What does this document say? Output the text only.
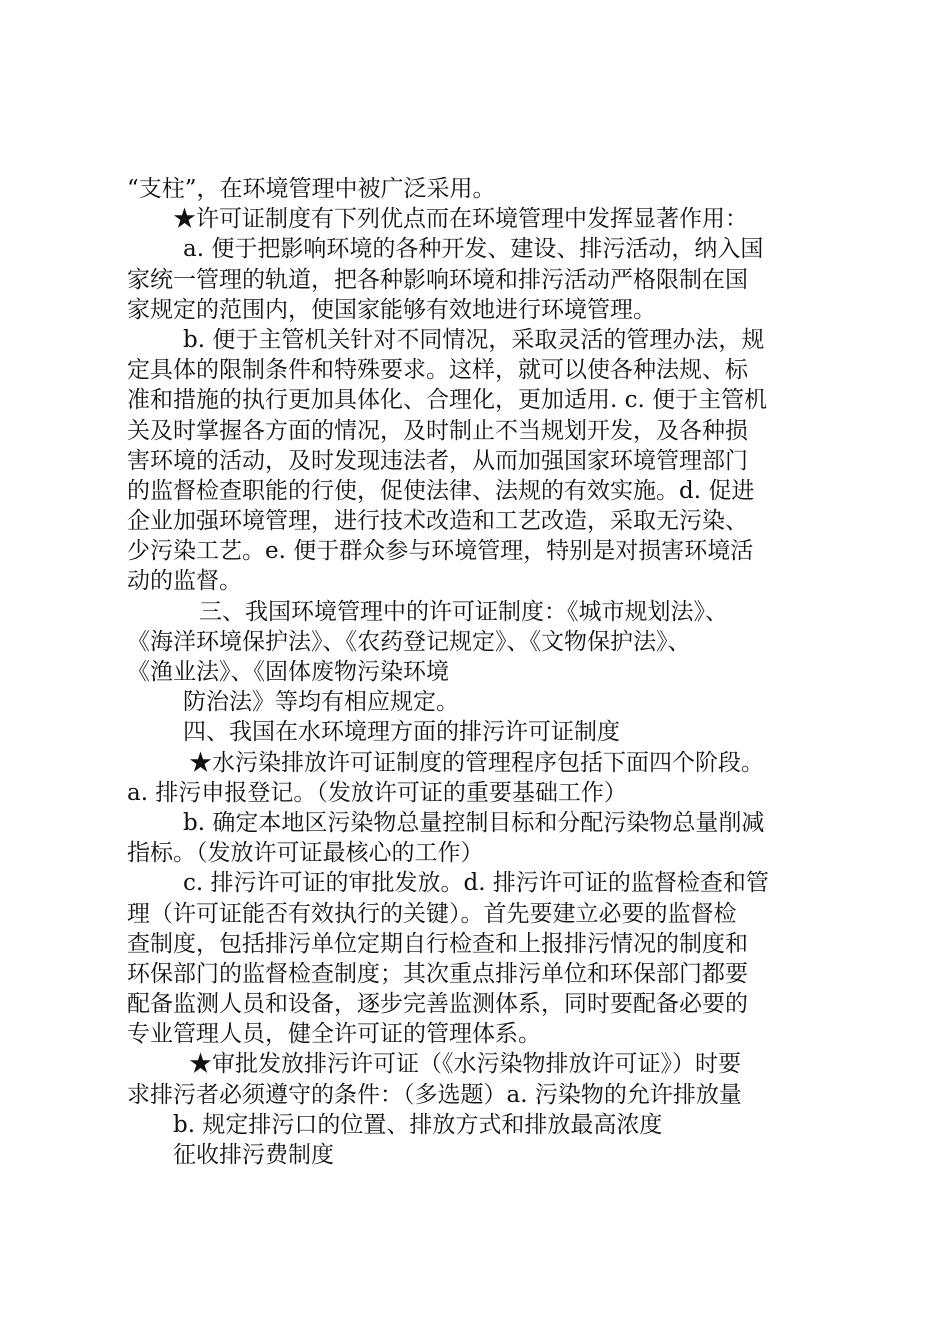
“支柱”，在环境管理中被广泛采用。
★许可证制度有下列优点而在环境管理中发挥显著作用：
a. 便于把影响环境的各种开发、建设、排污活动，纳入国
家统一管理的轨道，把各种影响环境和排污活动严格限制在国
家规定的范围内，使国家能够有效地进行环境管理。
b. 便于主管机关针对不同情况，采取灵活的管理办法，规
定具体的限制条件和特殊要求。这样，就可以使各种法规、标
准和措施的执行更加具体化、合理化，更加适用. c. 便于主管机
关及时掌握各方面的情况，及时制止不当规划开发，及各种损
害环境的活动，及时发现违法者，从而加强国家环境管理部门
的监督检查职能的行使，促使法律、法规的有效实施。d. 促进
企业加强环境管理，进行技术改造和工艺改造，采取无污染、
少污染工艺。e. 便于群众参与环境管理，特别是对损害环境活
动的监督。
三、我国环境管理中的许可证制度：《城市规划法》、
《海洋环境保护法》、《农药登记规定》、《文物保护法》、
《渔业法》、《固体废物污染环境
防治法》等均有相应规定。
四、我国在水环境理方面的排污许可证制度
★水污染排放许可证制度的管理程序包括下面四个阶段。
a. 排污申报登记。（发放许可证的重要基础工作）
b. 确定本地区污染物总量控制目标和分配污染物总量削减
指标。（发放许可证最核心的工作）
c. 排污许可证的审批发放。d. 排污许可证的监督检查和管
理（许可证能否有效执行的关键）。首先要建立必要的监督检
查制度，包括排污单位定期自行检查和上报排污情况的制度和
环保部门的监督检查制度；其次重点排污单位和环保部门都要
配备监测人员和设备，逐步完善监测体系，同时要配备必要的
专业管理人员，健全许可证的管理体系。
★审批发放排污许可证（《水污染物排放许可证》）时要
求排污者必须遵守的条件：（多选题）a. 污染物的允许排放量
b. 规定排污口的位置、排放方式和排放最高浓度
征收排污费制度
